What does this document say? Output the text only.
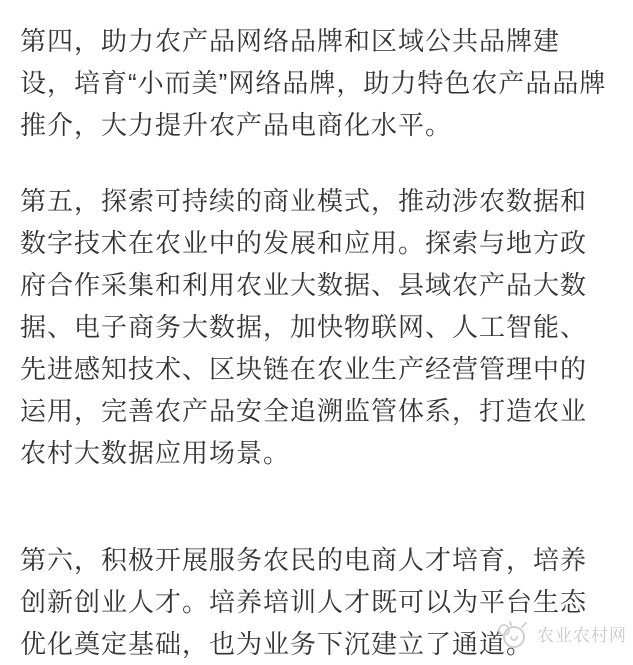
第四，助力农产品网络品牌和区域公共品牌建设，培育“小而美”网络品牌，助力特色农产品品牌推介，大力提升农产品电商化水平。

第五，探索可持续的商业模式，推动涉农数据和数字技术在农业中的发展和应用。探索与地方政府合作采集和利用农业大数据、县域农产品大数据、电子商务大数据，加快物联网、人工智能、先进感知技术、区块链在农业生产经营管理中的运用，完善农产品安全追溯监管体系，打造农业农村大数据应用场景。

第六，积极开展服务农民的电商人才培育，培养创新创业人才。培养培训人才既可以为平台生态优化奠定基础，也为业务下沉建立了通道。 农业农村网
